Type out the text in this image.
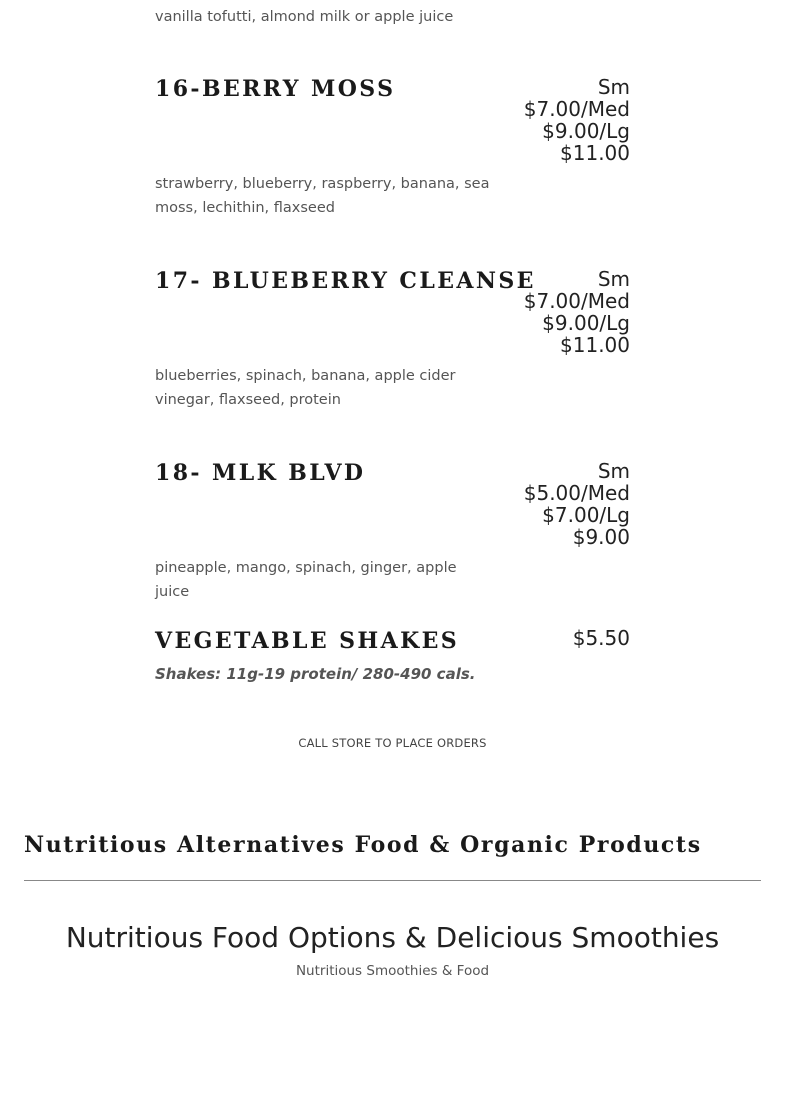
vanilla tofutti, almond milk or apple juice
16-BERRY MOSS	Sm
$7.00/Med
$9.00/Lg
$11.00
strawberry, blueberry, raspberry, banana, sea moss, lechithin, flaxseed
17- BLUEBERRY CLEANSE	Sm
$7.00/Med
$9.00/Lg
$11.00
blueberries, spinach, banana, apple cider vinegar, flaxseed, protein
18- MLK BLVD	Sm
$5.00/Med
$7.00/Lg
$9.00
pineapple, mango, spinach, ginger, apple juice
VEGETABLE SHAKES	$5.50
Shakes: 11g-19 protein/ 280-490 cals.
CALL STORE TO PLACE ORDERS
Nutritious Alternatives Food & Organic Products
Nutritious Food Options & Delicious Smoothies
Nutritious Smoothies & Food
